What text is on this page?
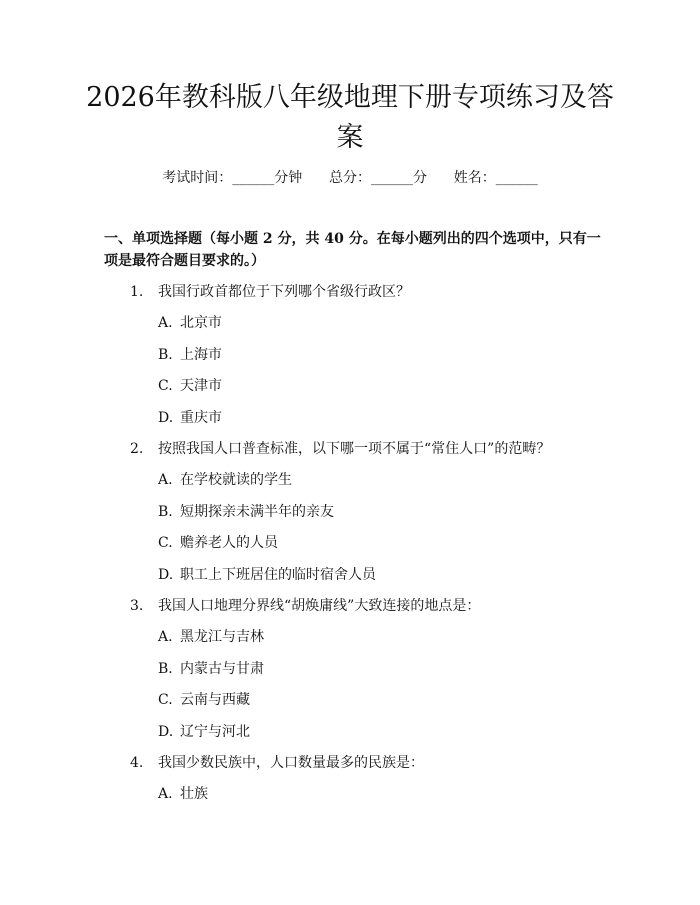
2026年教科版八年级地理下册专项练习及答案
考试时间：______分钟 总分：______分 姓名：______
一、单项选择题（每小题 2 分，共 40 分。在每小题列出的四个选项中，只有一项是最符合题目要求的。）
1. 我国行政首都位于下列哪个省级行政区？
A. 北京市
B. 上海市
C. 天津市
D. 重庆市
2. 按照我国人口普查标准，以下哪一项不属于“常住人口”的范畴？
A. 在学校就读的学生
B. 短期探亲未满半年的亲友
C. 赡养老人的人员
D. 职工上下班居住的临时宿舍人员
3. 我国人口地理分界线“胡焕庸线”大致连接的地点是：
A. 黑龙江与吉林
B. 内蒙古与甘肃
C. 云南与西藏
D. 辽宁与河北
4. 我国少数民族中，人口数量最多的民族是：
A. 壮族
